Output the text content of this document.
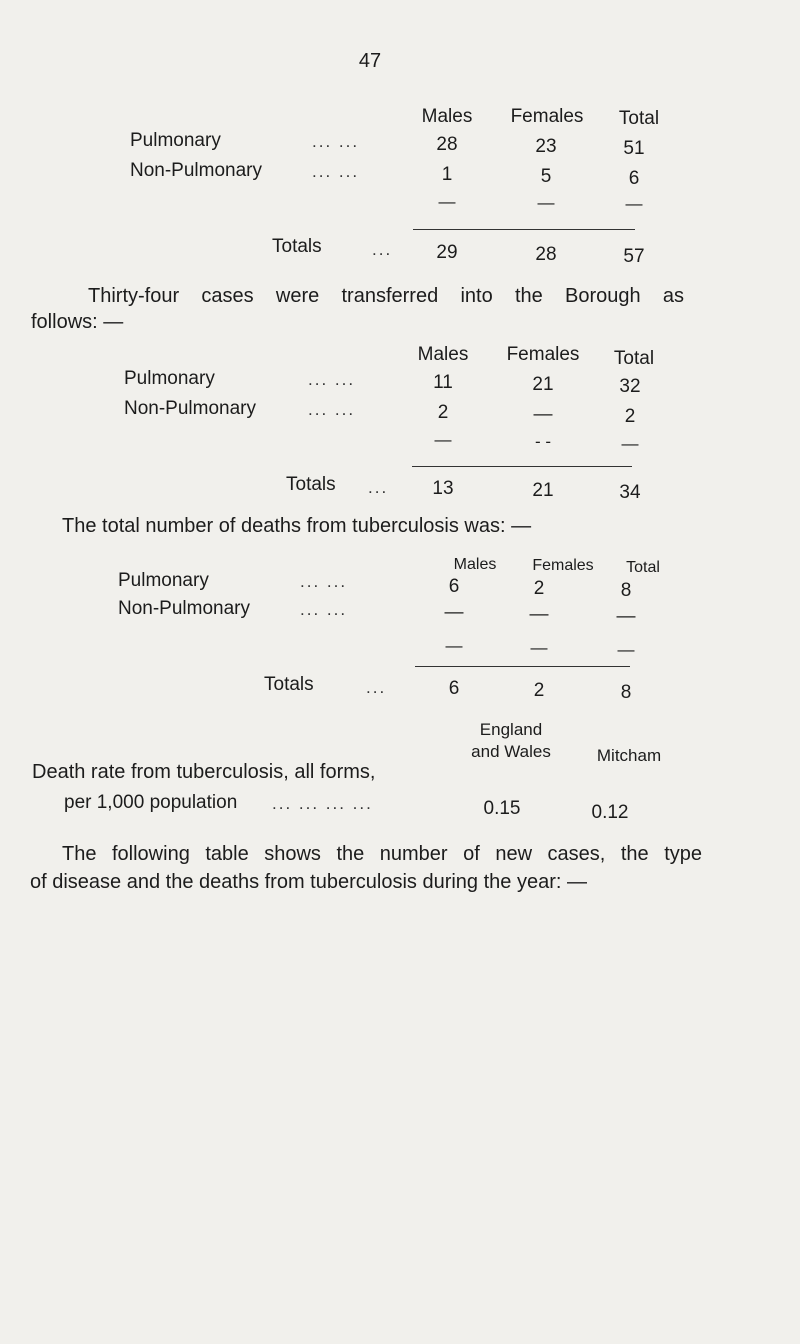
47
Males	Females	Total
Pulmonary	... ...	28	23	51
Non-Pulmonary	... ...	1	5	6
—	—	—
Totals	...	29	28	57
Thirty-four cases were transferred into the Borough as
follows: —
Males	Females	Total
Pulmonary	... ...	11	21	32
Non-Pulmonary	... ...	2	—	2
—	- -	—
Totals ...	13	21	34
The total number of deaths from tuberculosis was: —
Males	Females	Total
Pulmonary	... ...	6	2	8
Non-Pulmonary	... ...	—	—	—
—	—	—
Totals	...	6	2	8
England
and Wales	Mitcham
Death rate from tuberculosis, all forms,
per 1,000 population ... ... ... ...	0.15	0.12
The following table shows the number of new cases, the type
of disease and the deaths from tuberculosis during the year: —
